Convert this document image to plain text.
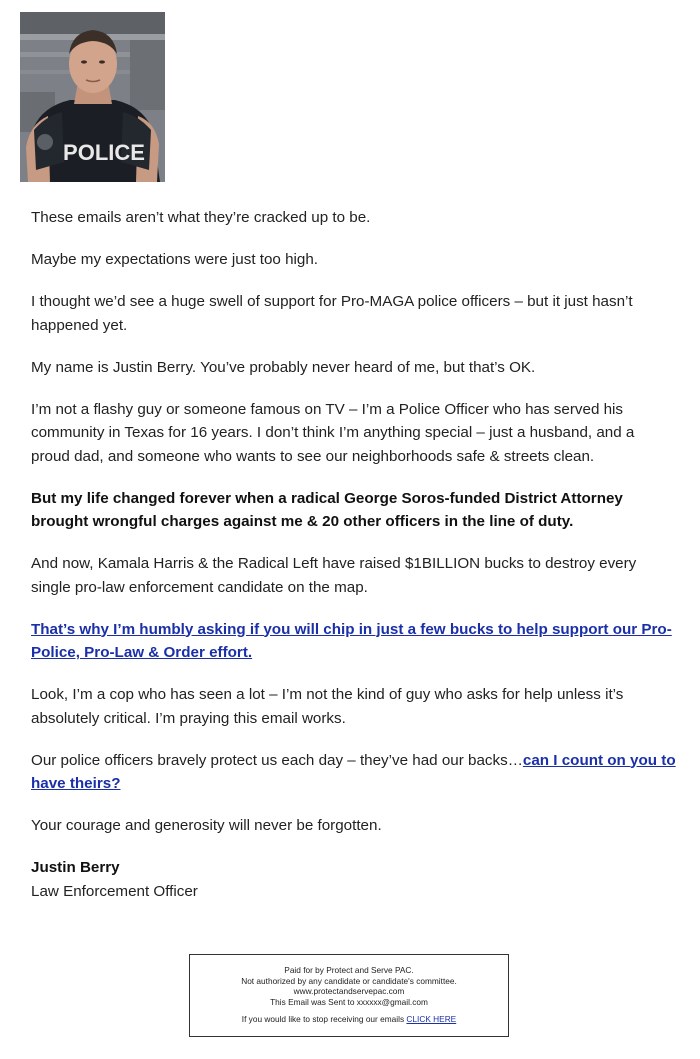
POLICE

These emails aren’t what they’re cracked up to be.

Maybe my expectations were just too high.

I thought we’d see a huge swell of support for Pro-MAGA police officers – but it just hasn’t happened yet.

My name is Justin Berry. You’ve probably never heard of me, but that’s OK.

I’m not a flashy guy or someone famous on TV – I’m a Police Officer who has served his community in Texas for 16 years. I don’t think I’m anything special – just a husband, and a proud dad, and someone who wants to see our neighborhoods safe & streets clean.

But my life changed forever when a radical George Soros-funded District Attorney brought wrongful charges against me & 20 other officers in the line of duty.

And now, Kamala Harris & the Radical Left have raised $1BILLION bucks to destroy every single pro-law enforcement candidate on the map.

That’s why I’m humbly asking if you will chip in just a few bucks to help support our Pro-Police, Pro-Law & Order effort.

Look, I’m a cop who has seen a lot – I’m not the kind of guy who asks for help unless it’s absolutely critical. I’m praying this email works.

Our police officers bravely protect us each day – they’ve had our backs…can I count on you to have theirs?

Your courage and generosity will never be forgotten.

Justin Berry
Law Enforcement Officer

Paid for by Protect and Serve PAC.
Not authorized by any candidate or candidate's committee.
www.protectandservepac.com
This Email was Sent to xxxxxx@gmail.com
If you would like to stop receiving our emails CLICK HERE
